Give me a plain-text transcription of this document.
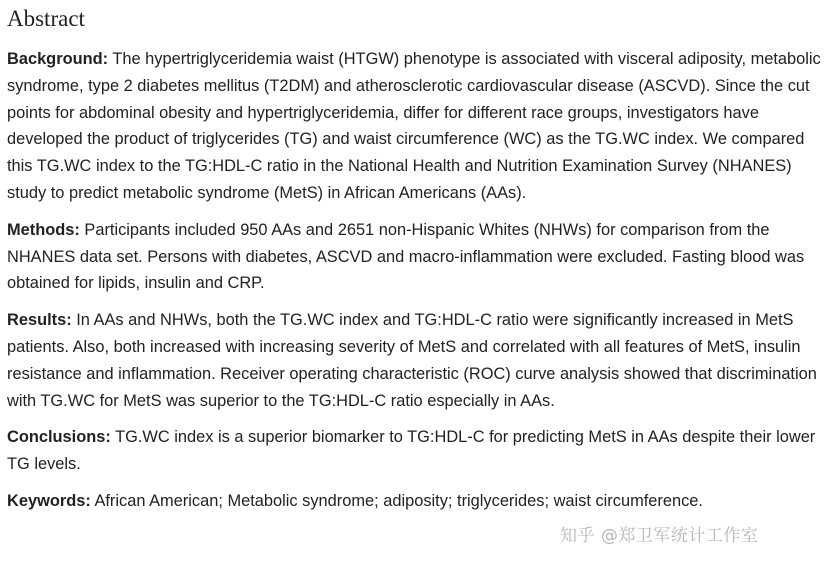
Abstract

Background: The hypertriglyceridemia waist (HTGW) phenotype is associated with visceral adiposity, metabolic syndrome, type 2 diabetes mellitus (T2DM) and atherosclerotic cardiovascular disease (ASCVD). Since the cut points for abdominal obesity and hypertriglyceridemia, differ for different race groups, investigators have developed the product of triglycerides (TG) and waist circumference (WC) as the TG.WC index. We compared this TG.WC index to the TG:HDL-C ratio in the National Health and Nutrition Examination Survey (NHANES) study to predict metabolic syndrome (MetS) in African Americans (AAs).

Methods: Participants included 950 AAs and 2651 non-Hispanic Whites (NHWs) for comparison from the NHANES data set. Persons with diabetes, ASCVD and macro-inflammation were excluded. Fasting blood was obtained for lipids, insulin and CRP.

Results: In AAs and NHWs, both the TG.WC index and TG:HDL-C ratio were significantly increased in MetS patients. Also, both increased with increasing severity of MetS and correlated with all features of MetS, insulin resistance and inflammation. Receiver operating characteristic (ROC) curve analysis showed that discrimination with TG.WC for MetS was superior to the TG:HDL-C ratio especially in AAs.

Conclusions: TG.WC index is a superior biomarker to TG:HDL-C for predicting MetS in AAs despite their lower TG levels.

Keywords: African American; Metabolic syndrome; adiposity; triglycerides; waist circumference.

知乎 @郑卫军统计工作室
